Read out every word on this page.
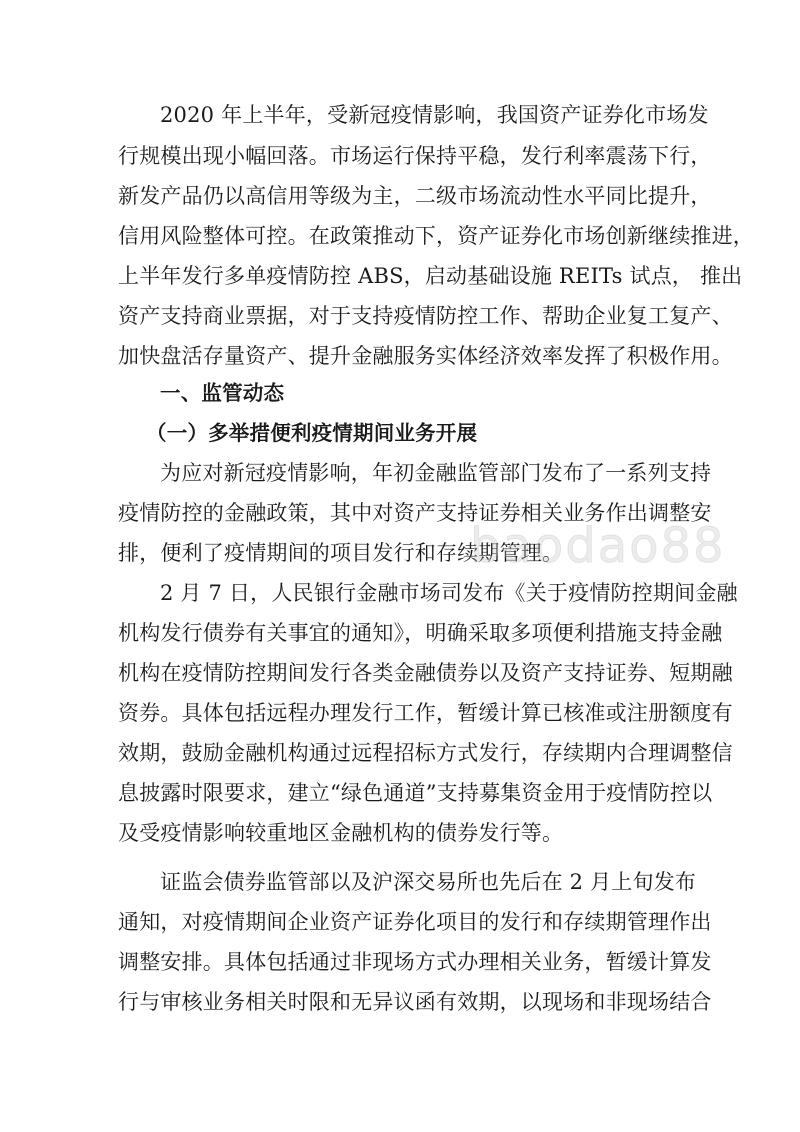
2020 年上半年，受新冠疫情影响，我国资产证券化市场发
行规模出现小幅回落。市场运行保持平稳，发行利率震荡下行，
新发产品仍以高信用等级为主，二级市场流动性水平同比提升，
信用风险整体可控。在政策推动下，资产证券化市场创新继续推进，
上半年发行多单疫情防控 ABS，启动基础设施 REITs 试点， 推出
资产支持商业票据，对于支持疫情防控工作、帮助企业复工复产、
加快盘活存量资产、提升金融服务实体经济效率发挥了积极作用。
一、监管动态
（一）多举措便利疫情期间业务开展
为应对新冠疫情影响，年初金融监管部门发布了一系列支持
疫情防控的金融政策，其中对资产支持证券相关业务作出调整安
排，便利了疫情期间的项目发行和存续期管理。
2 月 7 日，人民银行金融市场司发布《关于疫情防控期间金融
机构发行债券有关事宜的通知》，明确采取多项便利措施支持金融
机构在疫情防控期间发行各类金融债券以及资产支持证券、短期融
资券。具体包括远程办理发行工作，暂缓计算已核准或注册额度有
效期，鼓励金融机构通过远程招标方式发行，存续期内合理调整信
息披露时限要求，建立“绿色通道”支持募集资金用于疫情防控以
及受疫情影响较重地区金融机构的债券发行等。
证监会债券监管部以及沪深交易所也先后在 2 月上旬发布
通知，对疫情期间企业资产证券化项目的发行和存续期管理作出
调整安排。具体包括通过非现场方式办理相关业务，暂缓计算发
行与审核业务相关时限和无异议函有效期，以现场和非现场结合
baodao88
